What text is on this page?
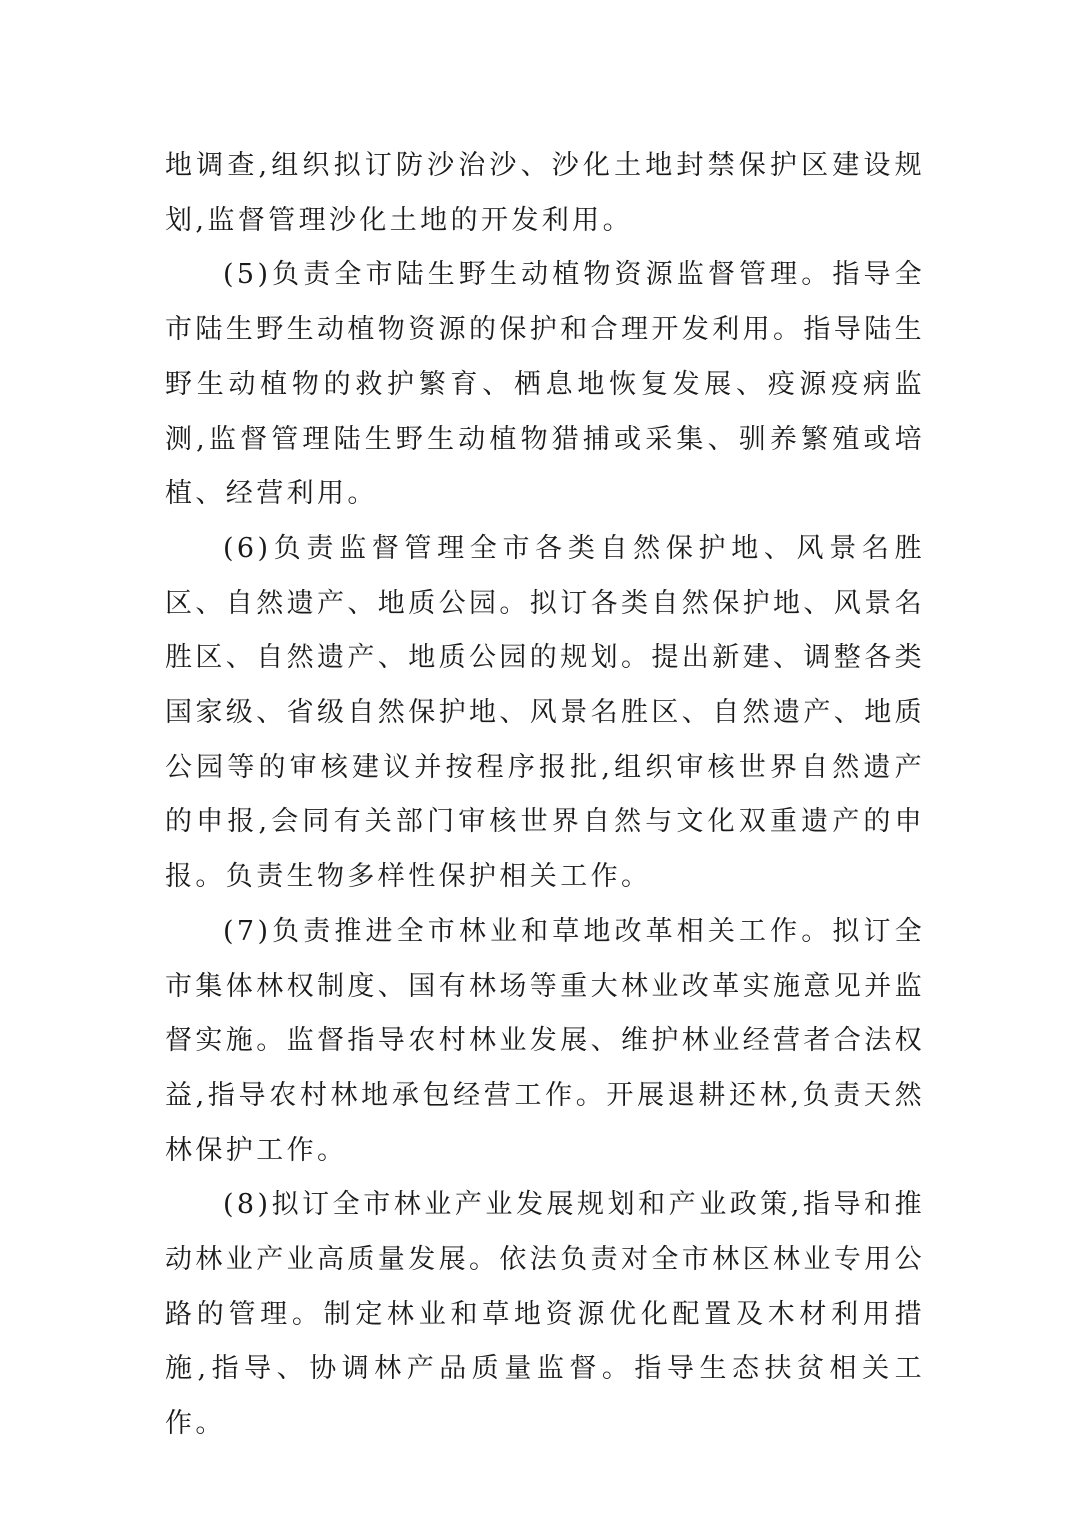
地调查,组织拟订防沙治沙、沙化土地封禁保护区建设规划,监督管理沙化土地的开发利用。

(5)负责全市陆生野生动植物资源监督管理。指导全市陆生野生动植物资源的保护和合理开发利用。指导陆生野生动植物的救护繁育、栖息地恢复发展、疫源疫病监测,监督管理陆生野生动植物猎捕或采集、驯养繁殖或培植、经营利用。

(6)负责监督管理全市各类自然保护地、风景名胜区、自然遗产、地质公园。拟订各类自然保护地、风景名胜区、自然遗产、地质公园的规划。提出新建、调整各类国家级、省级自然保护地、风景名胜区、自然遗产、地质公园等的审核建议并按程序报批,组织审核世界自然遗产的申报,会同有关部门审核世界自然与文化双重遗产的申报。负责生物多样性保护相关工作。

(7)负责推进全市林业和草地改革相关工作。拟订全市集体林权制度、国有林场等重大林业改革实施意见并监督实施。监督指导农村林业发展、维护林业经营者合法权益,指导农村林地承包经营工作。开展退耕还林,负责天然林保护工作。

(8)拟订全市林业产业发展规划和产业政策,指导和推动林业产业高质量发展。依法负责对全市林区林业专用公路的管理。制定林业和草地资源优化配置及木材利用措施,指导、协调林产品质量监督。指导生态扶贫相关工作。
